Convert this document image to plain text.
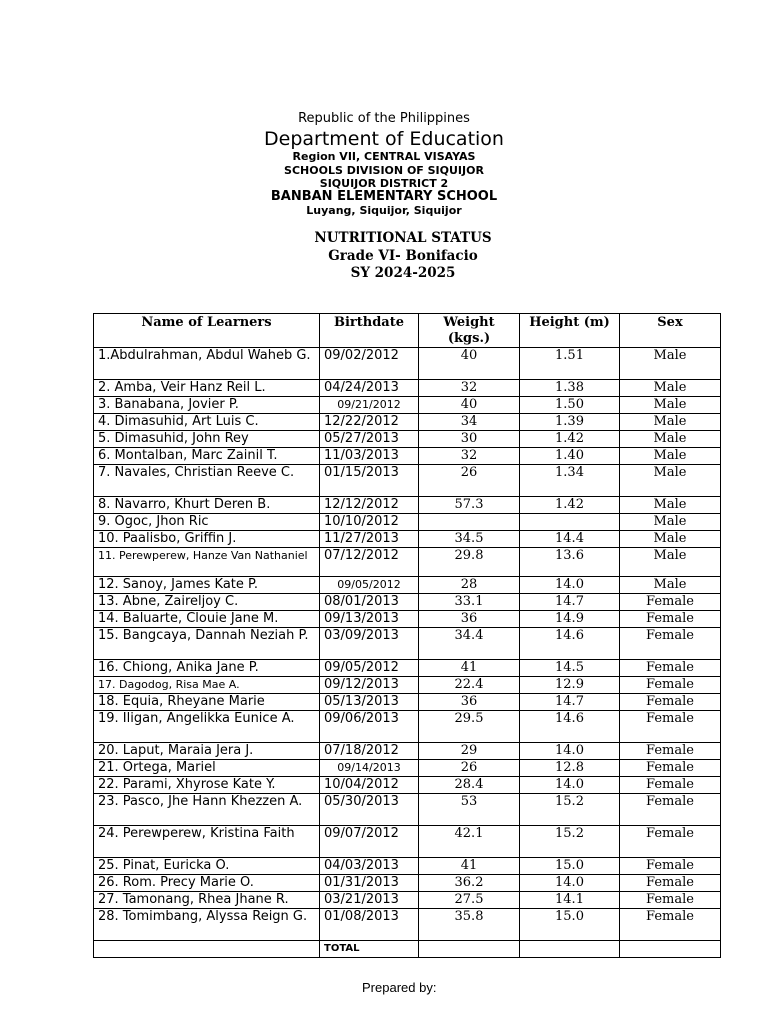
Republic of the Philippines
Department of Education
Region VII, CENTRAL VISAYAS
SCHOOLS DIVISION OF SIQUIJOR
SIQUIJOR DISTRICT 2
BANBAN ELEMENTARY SCHOOL
Luyang, Siquijor, Siquijor
NUTRITIONAL STATUS
Grade VI- Bonifacio
SY 2024-2025
Name of Learners	Birthdate	Weight (kgs.)	Height (m)	Sex
1.Abdulrahman, Abdul Waheb G.	09/02/2012	40	1.51	Male
2. Amba, Veir Hanz Reil L.	04/24/2013	32	1.38	Male
3. Banabana, Jovier P.	09/21/2012	40	1.50	Male
4. Dimasuhid, Art Luis C.	12/22/2012	34	1.39	Male
5. Dimasuhid, John Rey	05/27/2013	30	1.42	Male
6. Montalban, Marc Zainil T.	11/03/2013	32	1.40	Male
7. Navales, Christian Reeve C.	01/15/2013	26	1.34	Male
8. Navarro, Khurt Deren B.	12/12/2012	57.3	1.42	Male
9. Ogoc, Jhon Ric	10/10/2012			Male
10. Paalisbo, Griffin J.	11/27/2013	34.5	14.4	Male
11. Perewperew, Hanze Van Nathaniel	07/12/2012	29.8	13.6	Male
12. Sanoy, James Kate P.	09/05/2012	28	14.0	Male
13. Abne, Zaireljoy C.	08/01/2013	33.1	14.7	Female
14. Baluarte, Clouie Jane M.	09/13/2013	36	14.9	Female
15. Bangcaya, Dannah Neziah P.	03/09/2013	34.4	14.6	Female
16. Chiong, Anika Jane P.	09/05/2012	41	14.5	Female
17. Dagodog, Risa Mae A.	09/12/2013	22.4	12.9	Female
18. Equia, Rheyane Marie	05/13/2013	36	14.7	Female
19. Iligan, Angelikka Eunice A.	09/06/2013	29.5	14.6	Female
20. Laput, Maraia Jera J.	07/18/2012	29	14.0	Female
21. Ortega, Mariel	09/14/2013	26	12.8	Female
22. Parami, Xhyrose Kate Y.	10/04/2012	28.4	14.0	Female
23. Pasco, Jhe Hann Khezzen A.	05/30/2013	53	15.2	Female
24. Perewperew, Kristina Faith	09/07/2012	42.1	15.2	Female
25. Pinat, Euricka O.	04/03/2013	41	15.0	Female
26. Rom. Precy Marie O.	01/31/2013	36.2	14.0	Female
27. Tamonang, Rhea Jhane R.	03/21/2013	27.5	14.1	Female
28. Tomimbang, Alyssa Reign G.	01/08/2013	35.8	15.0	Female
	TOTAL			
Prepared by:
